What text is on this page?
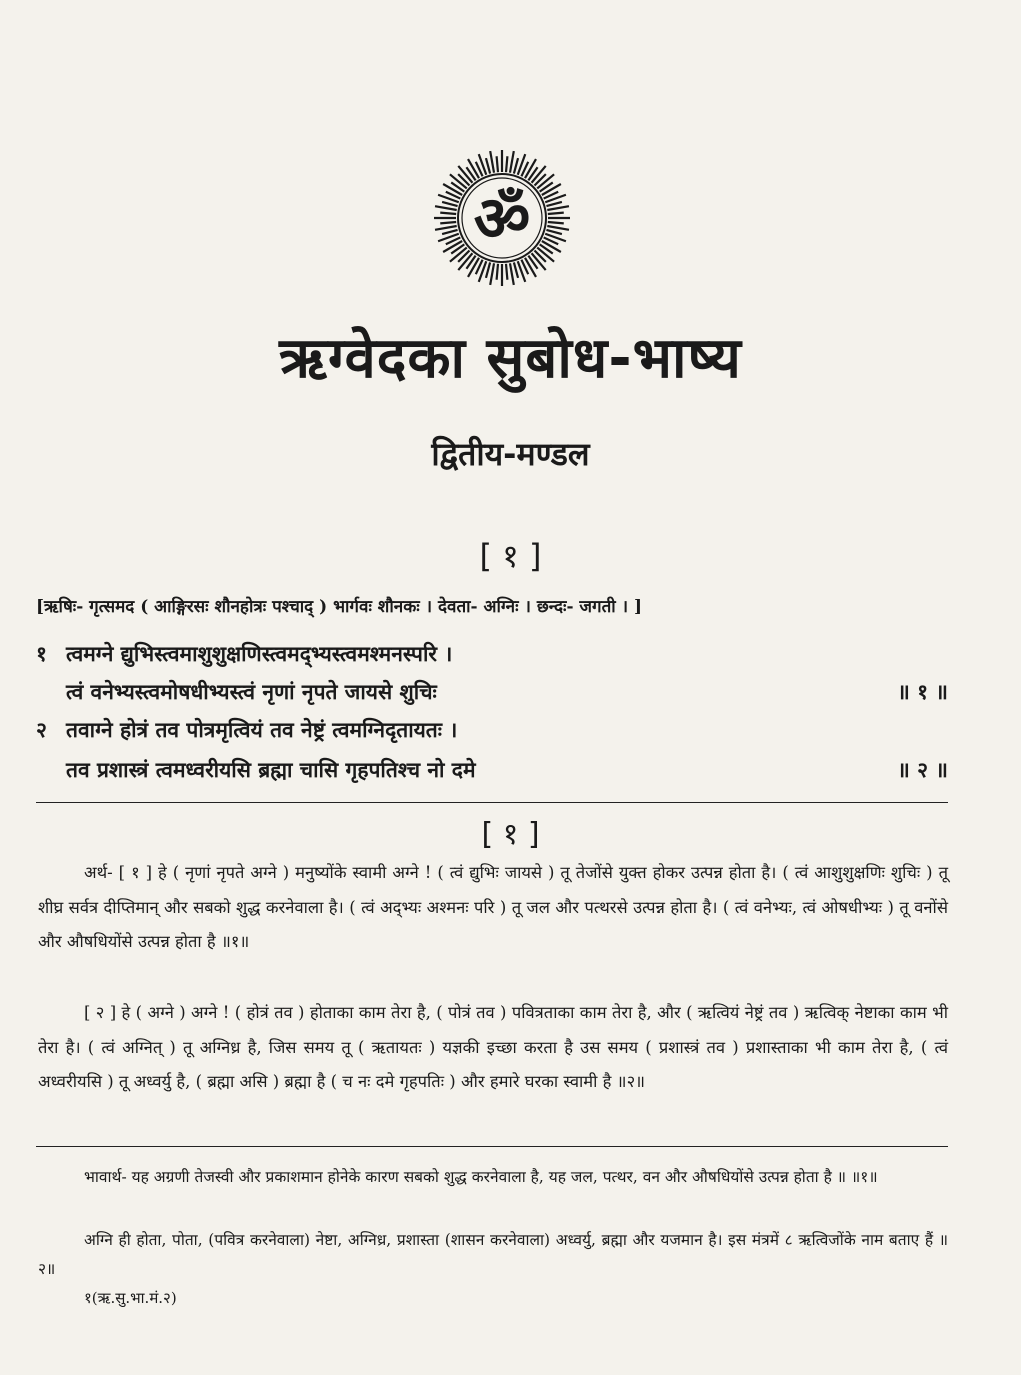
ॐ
ऋग्वेदका सुबोध-भाष्य
द्वितीय-मण्डल
[ १ ]
[ऋषिः- गृत्समद ( आङ्गिरसः शौनहोत्रः पश्चाद् ) भार्गवः शौनकः । देवता- अग्निः । छन्दः- जगती । ]
१ त्वमग्ने द्युभिस्त्वमाशुशुक्षणिस्त्वमद्भ्यस्त्वमश्मनस्परि ।
त्वं वनेभ्यस्त्वमोषधीभ्यस्त्वं नृणां नृपते जायसे शुचिः	॥ १ ॥
२ तवाग्ने होत्रं तव पोत्रमृत्वियं तव नेष्ट्रं त्वमग्निदृतायतः ।
तव प्रशास्त्रं त्वमध्वरीयसि ब्रह्मा चासि गृहपतिश्च नो दमे	॥ २ ॥
[ १ ]
अर्थ- [ १ ] हे ( नृणां नृपते अग्ने ) मनुष्योंके स्वामी अग्ने ! ( त्वं द्युभिः जायसे ) तू तेजोंसे युक्त होकर उत्पन्न होता है। ( त्वं आशुशुक्षणिः शुचिः ) तू शीघ्र सर्वत्र दीप्तिमान् और सबको शुद्ध करनेवाला है। ( त्वं अद्भ्यः अश्मनः परि ) तू जल और पत्थरसे उत्पन्न होता है। ( त्वं वनेभ्यः, त्वं ओषधीभ्यः ) तू वनोंसे और औषधियोंसे उत्पन्न होता है ॥१॥
[ २ ] हे ( अग्ने ) अग्ने ! ( होत्रं तव ) होताका काम तेरा है, ( पोत्रं तव ) पवित्रताका काम तेरा है, और ( ऋत्वियं नेष्ट्रं तव ) ऋत्विक् नेष्टाका काम भी तेरा है। ( त्वं अग्नित् ) तू अग्निध्र है, जिस समय तू ( ऋतायतः ) यज्ञकी इच्छा करता है उस समय ( प्रशास्त्रं तव ) प्रशास्ताका भी काम तेरा है, ( त्वं अध्वरीयसि ) तू अध्वर्यु है, ( ब्रह्मा असि ) ब्रह्मा है ( च नः दमे गृहपतिः ) और हमारे घरका स्वामी है ॥२॥
भावार्थ- यह अग्रणी तेजस्वी और प्रकाशमान होनेके कारण सबको शुद्ध करनेवाला है, यह जल, पत्थर, वन और औषधियोंसे उत्पन्न होता है ॥ ॥१॥
अग्नि ही होता, पोता, (पवित्र करनेवाला) नेष्टा, अग्निध्र, प्रशास्ता (शासन करनेवाला) अध्वर्यु, ब्रह्मा और यजमान है। इस मंत्रमें ८ ऋत्विजोंके नाम बताए हैं ॥२॥
१(ऋ.सु.भा.मं.२)
